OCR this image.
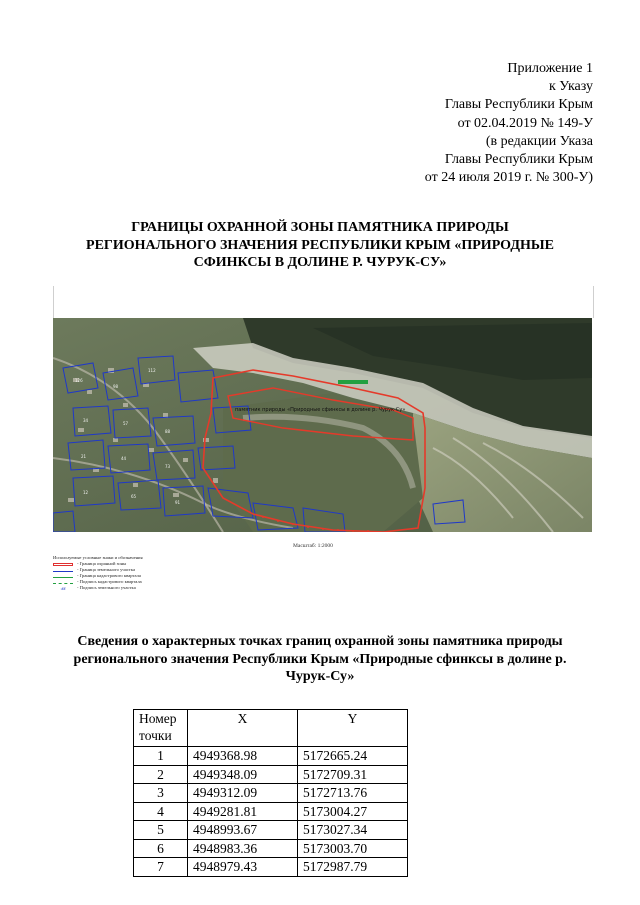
Приложение 1
к Указу
Главы Республики Крым
от 02.04.2019 № 149-У
(в редакции Указа
Главы Республики Крым
от 24 июля 2019 г. № 300-У)
ГРАНИЦЫ ОХРАННОЙ ЗОНЫ ПАМЯТНИКА ПРИРОДЫ
РЕГИОНАЛЬНОГО ЗНАЧЕНИЯ РЕСПУБЛИКИ КРЫМ «ПРИРОДНЫЕ
СФИНКСЫ В ДОЛИНЕ Р. ЧУРУК-СУ»
126
98
112
34
57
88
21	44
73
12
65
91
памятник природы «Природные сфинксы в долине р. Чурук-Су»
Масштаб: 1:2000
Используемые условные знаки и обозначения
- Граница охранной зоны
- Граница земельного участка
- Граница кадастрового квартала
- Подпись кадастрового квартала
:##	- Подпись земельного участка
Сведения о характерных точках границ охранной зоны памятника природы
регионального значения Республики Крым «Природные сфинксы в долине р.
Чурук-Су»
Номер точки	X	Y
1	4949368.98	5172665.24
2	4949348.09	5172709.31
3	4949312.09	5172713.76
4	4949281.81	5173004.27
5	4948993.67	5173027.34
6	4948983.36	5173003.70
7	4948979.43	5172987.79
